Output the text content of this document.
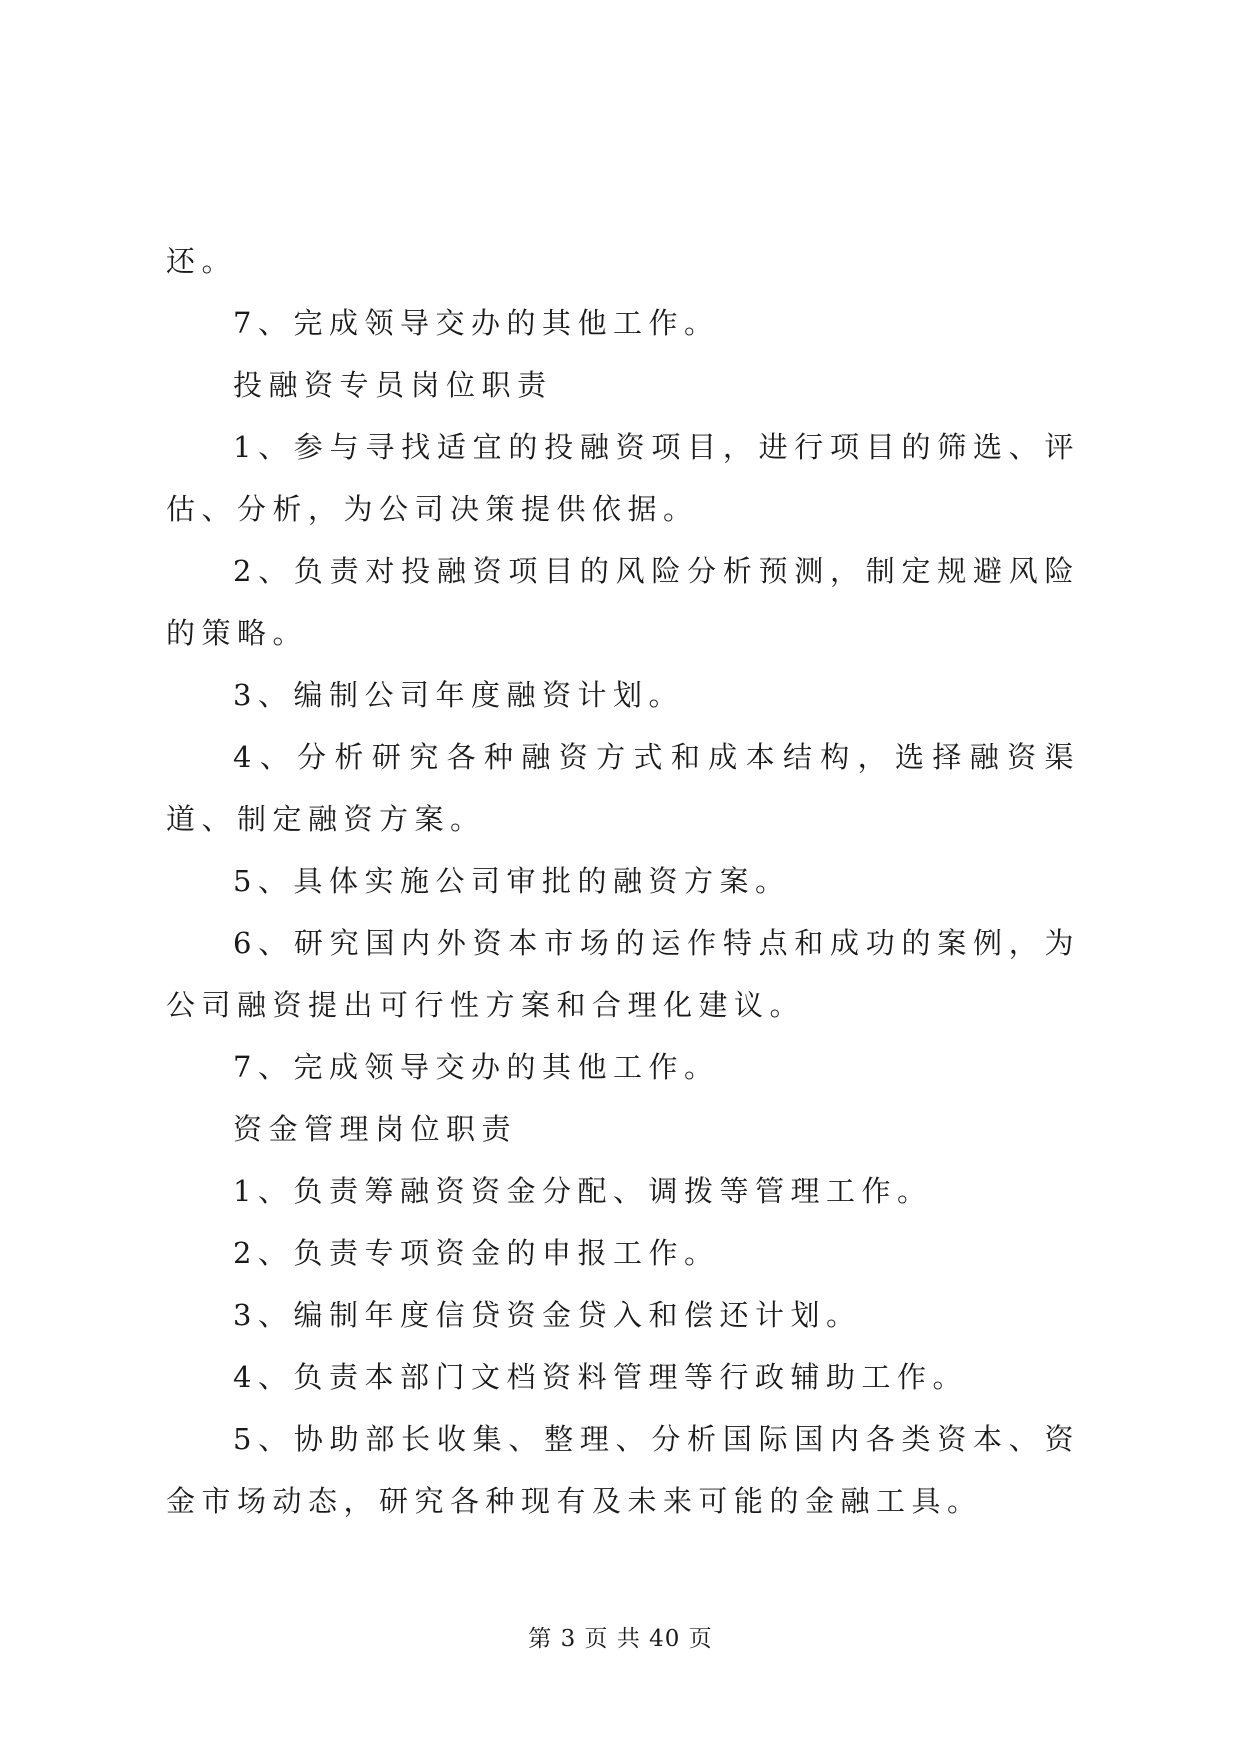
还。

7、完成领导交办的其他工作。

投融资专员岗位职责

1、参与寻找适宜的投融资项目，进行项目的筛选、评估、分析，为公司决策提供依据。

2、负责对投融资项目的风险分析预测，制定规避风险的策略。

3、编制公司年度融资计划。

4、分析研究各种融资方式和成本结构，选择融资渠道、制定融资方案。

5、具体实施公司审批的融资方案。

6、研究国内外资本市场的运作特点和成功的案例，为公司融资提出可行性方案和合理化建议。

7、完成领导交办的其他工作。

资金管理岗位职责

1、负责筹融资资金分配、调拨等管理工作。

2、负责专项资金的申报工作。

3、编制年度信贷资金贷入和偿还计划。

4、负责本部门文档资料管理等行政辅助工作。

5、协助部长收集、整理、分析国际国内各类资本、资金市场动态，研究各种现有及未来可能的金融工具。

第 3 页 共 40 页
